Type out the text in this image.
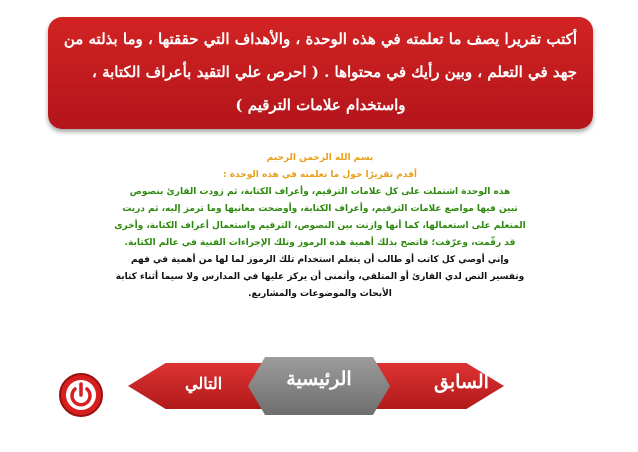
أكتب تقريرا يصف ما تعلمته في هذه الوحدة ، والأهداف التي حققتها ، وما بذلته من
جهد في التعلم ، وبين رأيك في محتواها . ( احرص علي التقيد بأعراف الكتابة ،
واستخدام علامات الترقيم )
بسم الله الرحمن الرحيم
أقدم تقريرًا حول ما تعلمته في هذه الوحدة :
هذه الوحدة اشتملت على كل علامات الترقيم، وأعراف الكتابة، ثم زودت القارئ بنصوص
تبين فيها مواضع علامات الترقيم، وأعراف الكتابة، وأوضحت معانيها وما ترمز إليه، ثم دربت
المتعلم على استعمالها، كما أنها وازنت بين النصوص، الترقيم واستعمال أعراف الكتابة، وأخرى
قد رقّمت، وعرّفت؛ فاتضح بذلك أهمية هذه الرموز وتلك الإجراءات الفنية في عالم الكتابة.
وإني أوصي كل كاتب أو طالب أن يتعلم استخدام تلك الرموز لما لها من أهمية في فهم
وتفسير النص لدي القارئ أو المتلقي، وأتمنى أن يركز عليها في المدارس ولا سيما أثناء كتابة
الأبحاث والموضوعات والمشاريع.
السابق
التالي	الرئيسية
